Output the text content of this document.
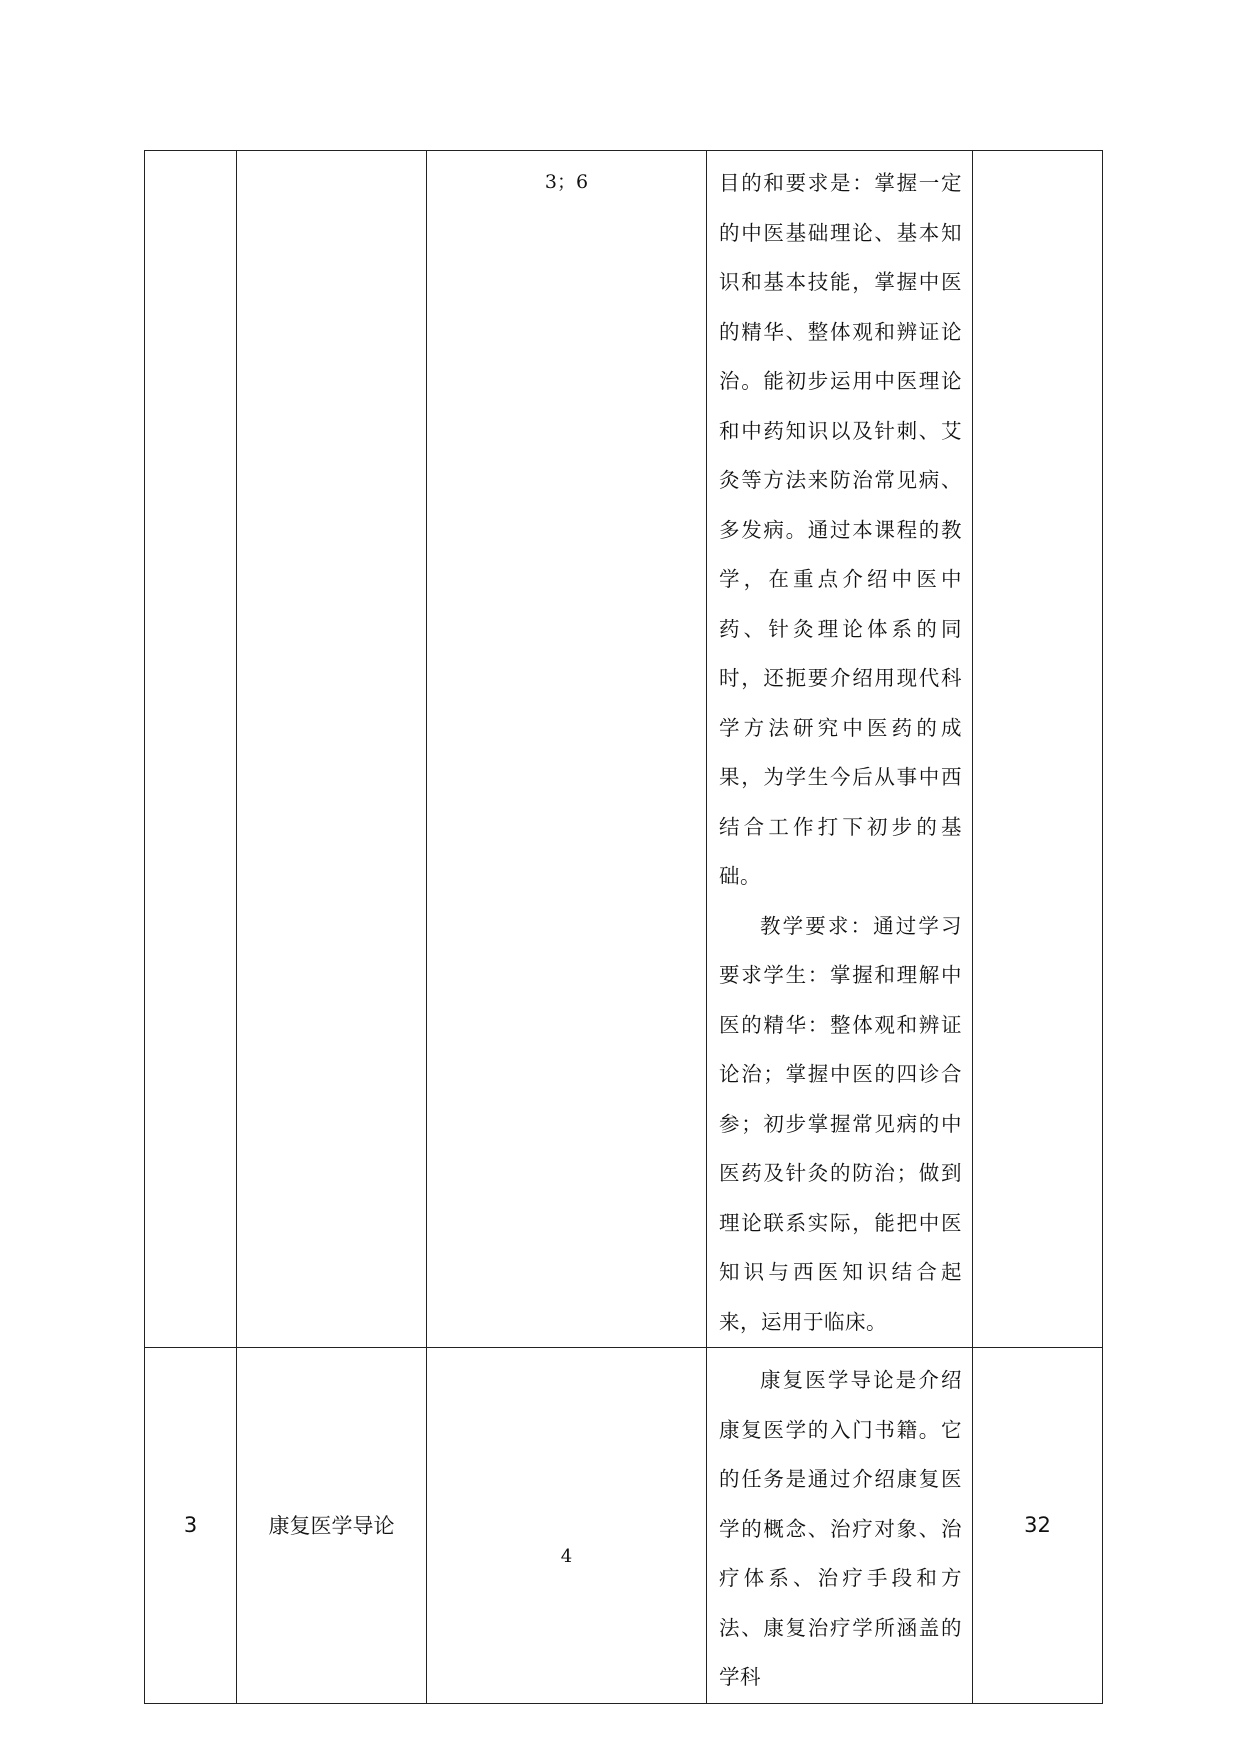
		3；6	目的和要求是：掌握一定的中医基础理论、基本知识和基本技能，掌握中医的精华、整体观和辨证论治。能初步运用中医理论和中药知识以及针刺、艾灸等方法来防治常见病、多发病。通过本课程的教学，在重点介绍中医中药、针灸理论体系的同时，还扼要介绍用现代科学方法研究中医药的成果，为学生今后从事中西结合工作打下初步的基础。

教学要求：通过学习要求学生：掌握和理解中医的精华：整体观和辨证论治；掌握中医的四诊合参；初步掌握常见病的中医药及针灸的防治；做到理论联系实际，能把中医知识与西医知识结合起来，运用于临床。	

3	康复医学导论	4	康复医学导论是介绍康复医学的入门书籍。它的任务是通过介绍康复医学的概念、治疗对象、治疗体系、治疗手段和方法、康复治疗学所涵盖的学科	32
